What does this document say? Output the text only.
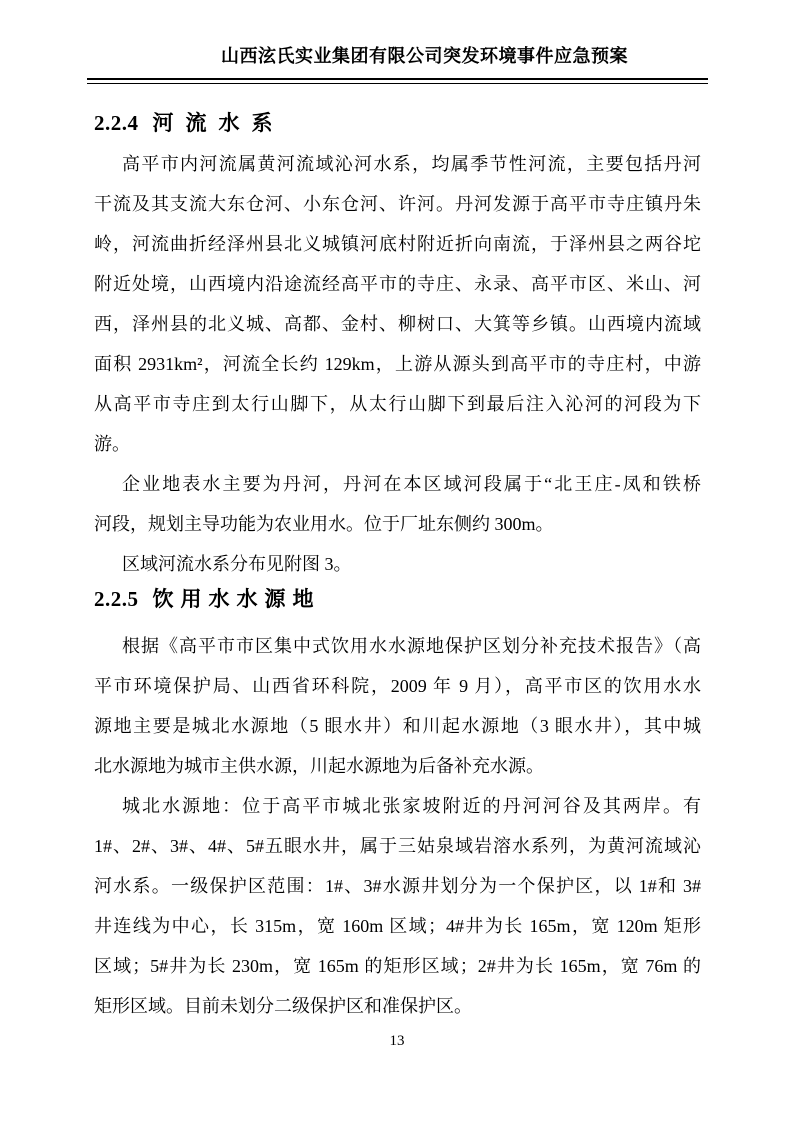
山西泫氏实业集团有限公司突发环境事件应急预案
2.2.4 河流水系
高平市内河流属黄河流域沁河水系，均属季节性河流，主要包括丹河
干流及其支流大东仓河、小东仓河、许河。丹河发源于高平市寺庄镇丹朱
岭，河流曲折经泽州县北义城镇河底村附近折向南流，于泽州县之两谷坨
附近处境，山西境内沿途流经高平市的寺庄、永录、高平市区、米山、河
西，泽州县的北义城、高都、金村、柳树口、大箕等乡镇。山西境内流域
面积 2931km²，河流全长约 129km，上游从源头到高平市的寺庄村，中游
从高平市寺庄到太行山脚下，从太行山脚下到最后注入沁河的河段为下
游。
企业地表水主要为丹河，丹河在本区域河段属于“北王庄-凤和铁桥
河段，规划主导功能为农业用水。位于厂址东侧约 300m。
区域河流水系分布见附图 3。
2.2.5 饮用水水源地
根据《高平市市区集中式饮用水水源地保护区划分补充技术报告》（高
平市环境保护局、山西省环科院，2009 年 9 月），高平市区的饮用水水
源地主要是城北水源地（5 眼水井）和川起水源地（3 眼水井），其中城
北水源地为城市主供水源，川起水源地为后备补充水源。
城北水源地：位于高平市城北张家坡附近的丹河河谷及其两岸。有
1#、2#、3#、4#、5#五眼水井，属于三姑泉域岩溶水系列，为黄河流域沁
河水系。一级保护区范围：1#、3#水源井划分为一个保护区，以 1#和 3#
井连线为中心，长 315m，宽 160m 区域；4#井为长 165m，宽 120m 矩形
区域；5#井为长 230m，宽 165m 的矩形区域；2#井为长 165m，宽 76m 的
矩形区域。目前未划分二级保护区和准保护区。
13
